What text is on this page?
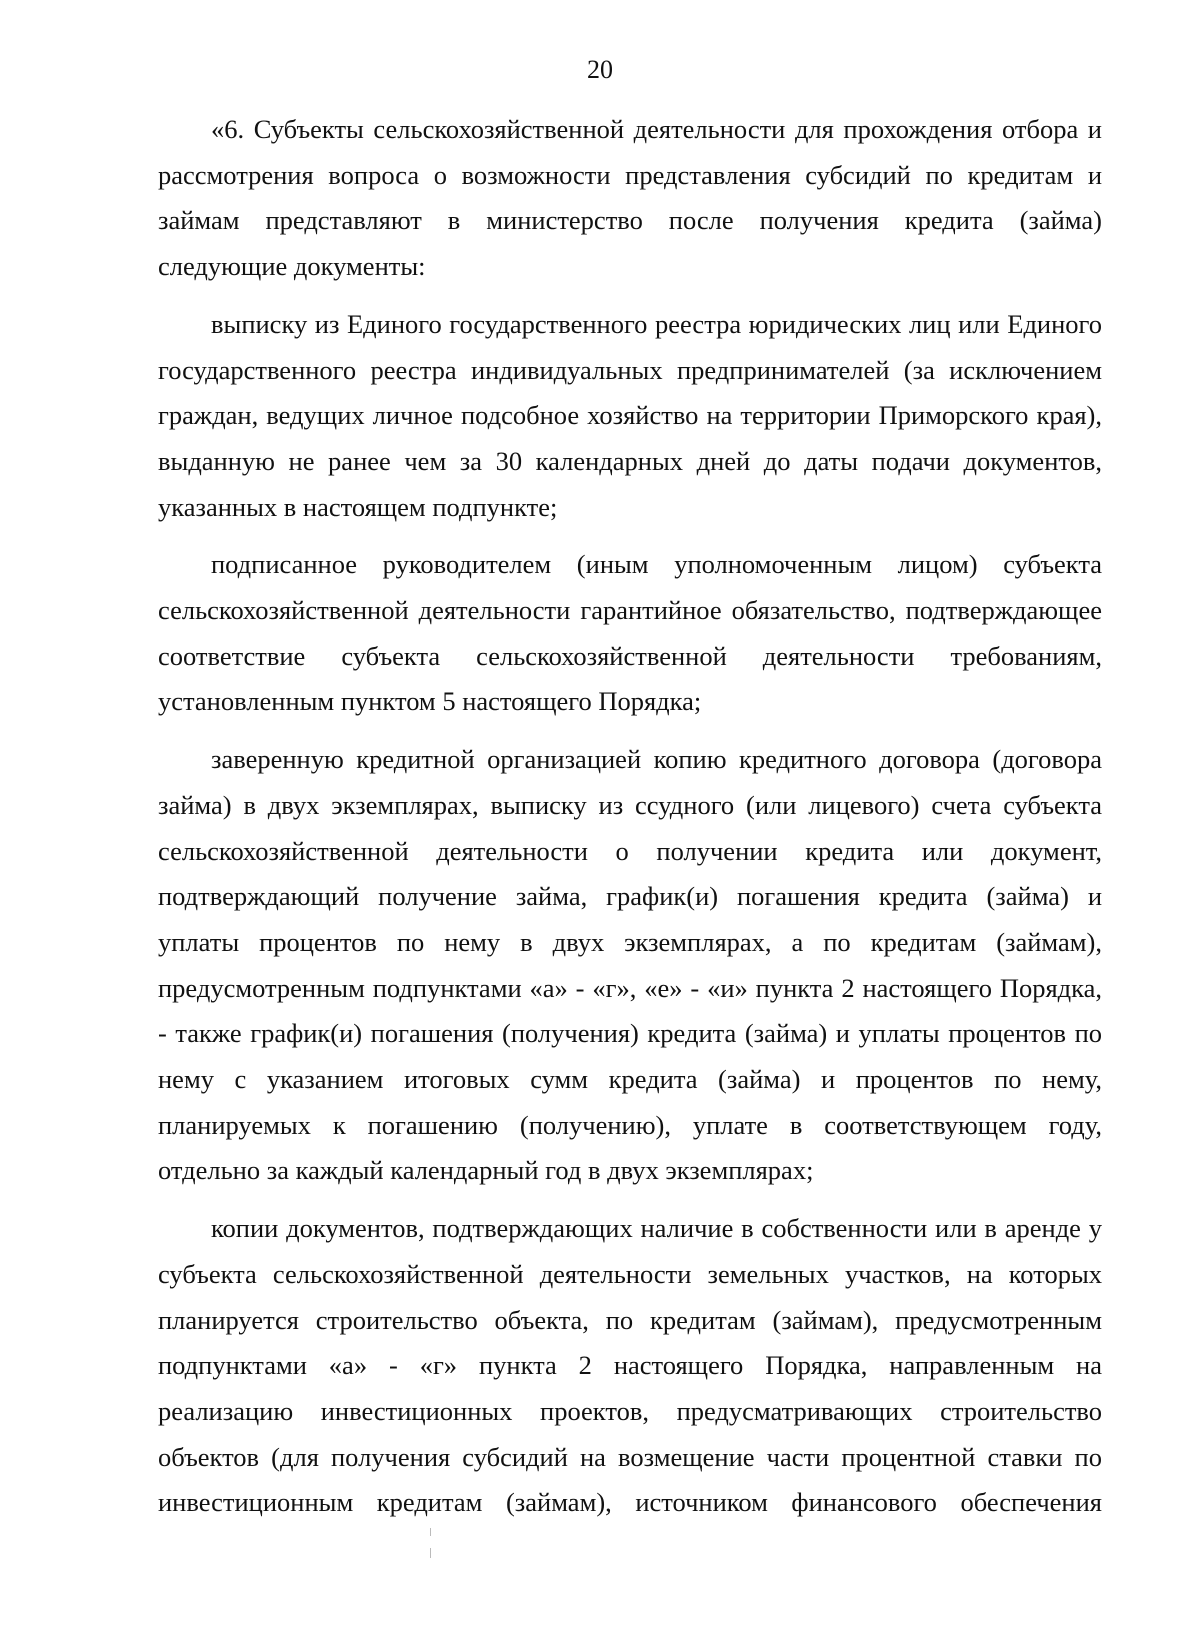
20

«6. Субъекты сельскохозяйственной деятельности для прохождения отбора и рассмотрения вопроса о возможности представления субсидий по кредитам и займам представляют в министерство после получения кредита (займа) следующие документы:

выписку из Единого государственного реестра юридических лиц или Единого государственного реестра индивидуальных предпринимателей (за исключением граждан, ведущих личное подсобное хозяйство на территории Приморского края), выданную не ранее чем за 30 календарных дней до даты подачи документов, указанных в настоящем подпункте;

подписанное руководителем (иным уполномоченным лицом) субъекта сельскохозяйственной деятельности гарантийное обязательство, подтверждающее соответствие субъекта сельскохозяйственной деятельности требованиям, установленным пунктом 5 настоящего Порядка;

заверенную кредитной организацией копию кредитного договора (договора займа) в двух экземплярах, выписку из ссудного (или лицевого) счета субъекта сельскохозяйственной деятельности о получении кредита или документ, подтверждающий получение займа, график(и) погашения кредита (займа) и уплаты процентов по нему в двух экземплярах, а по кредитам (займам), предусмотренным подпунктами «а» - «г», «е» - «и» пункта 2 настоящего Порядка, - также график(и) погашения (получения) кредита (займа) и уплаты процентов по нему с указанием итоговых сумм кредита (займа) и процентов по нему, планируемых к погашению (получению), уплате в соответствующем году, отдельно за каждый календарный год в двух экземплярах;

копии документов, подтверждающих наличие в собственности или в аренде у субъекта сельскохозяйственной деятельности земельных участков, на которых планируется строительство объекта, по кредитам (займам), предусмотренным подпунктами «а» - «г» пункта 2 настоящего Порядка, направленным на реализацию инвестиционных проектов, предусматривающих строительство объектов (для получения субсидий на возмещение части процентной ставки по инвестиционным кредитам (займам), источником финансового обеспечения
